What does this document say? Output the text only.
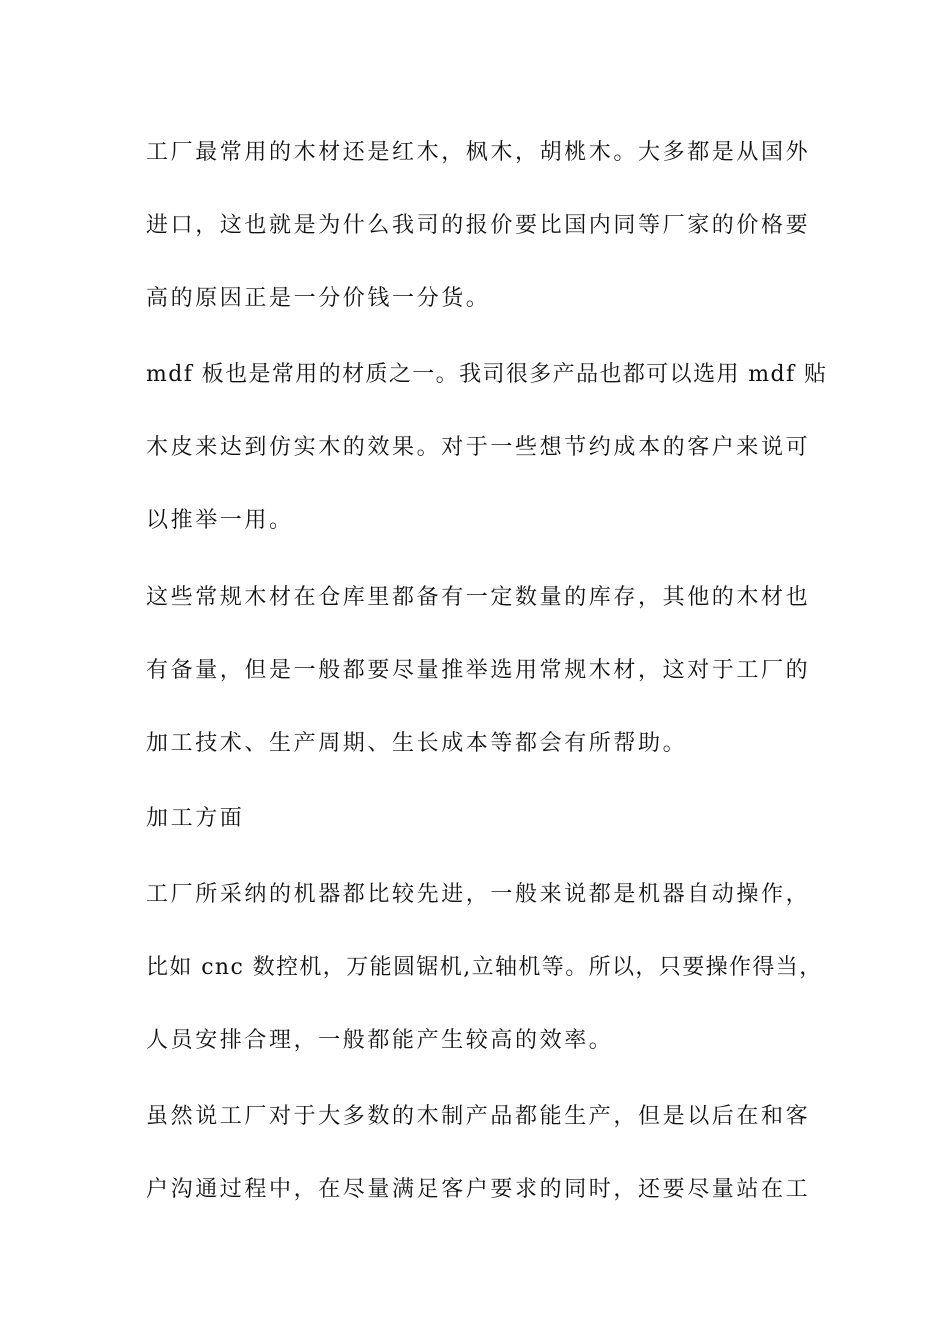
工厂最常用的木材还是红木，枫木，胡桃木。大多都是从国外
进口，这也就是为什么我司的报价要比国内同等厂家的价格要
高的原因正是一分价钱一分货。
mdf 板也是常用的材质之一。我司很多产品也都可以选用 mdf 贴
木皮来达到仿实木的效果。对于一些想节约成本的客户来说可
以推举一用。
这些常规木材在仓库里都备有一定数量的库存，其他的木材也
有备量，但是一般都要尽量推举选用常规木材，这对于工厂的
加工技术、生产周期、生长成本等都会有所帮助。
加工方面
工厂所采纳的机器都比较先进，一般来说都是机器自动操作，
比如 cnc 数控机，万能圆锯机,立轴机等。所以，只要操作得当，
人员安排合理，一般都能产生较高的效率。
虽然说工厂对于大多数的木制产品都能生产，但是以后在和客
户沟通过程中，在尽量满足客户要求的同时，还要尽量站在工
